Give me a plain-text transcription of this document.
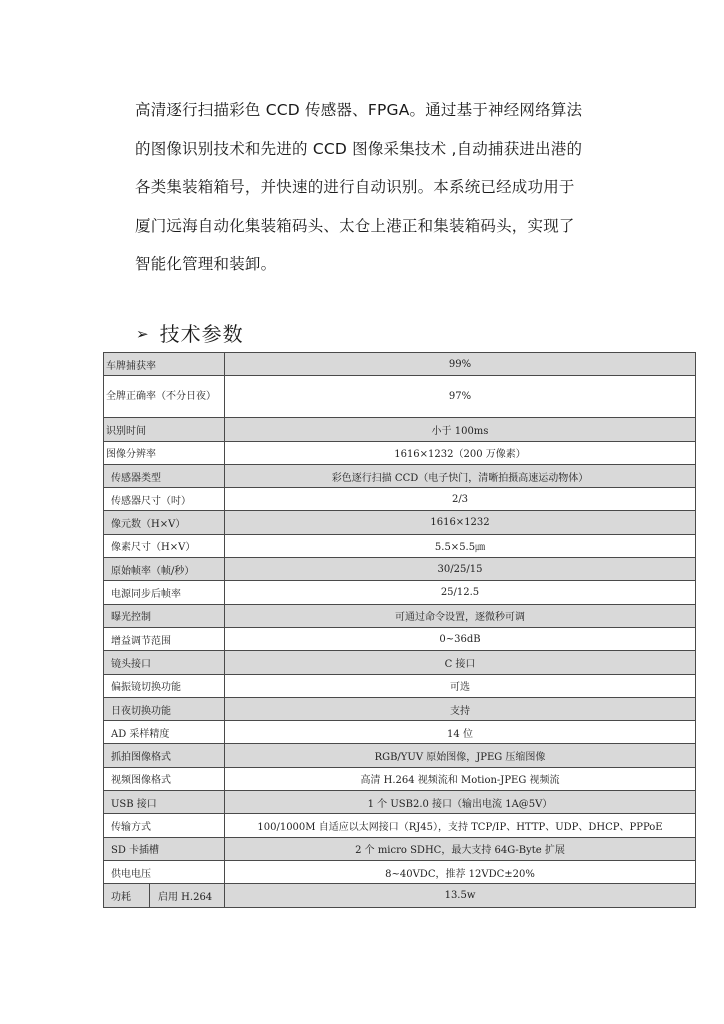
高清逐行扫描彩色 CCD 传感器、FPGA。通过基于神经网络算法
的图像识别技术和先进的 CCD 图像采集技术 ,自动捕获进出港的
各类集装箱箱号，并快速的进行自动识别。本系统已经成功用于
厦门远海自动化集装箱码头、太仓上港正和集装箱码头，实现了
智能化管理和装卸。
➢ 技术参数
车牌捕获率		99%
全牌正确率（不分日夜）		97%
识别时间		小于 100ms
图像分辨率		1616×1232（200 万像素）
传感器类型		彩色逐行扫描 CCD（电子快门，清晰拍摄高速运动物体）
传感器尺寸（吋）		2/3
像元数（H×V）		1616×1232
像素尺寸（H×V）		5.5×5.5㎛
原始帧率（帧/秒）		30/25/15
电源同步后帧率		25/12.5
曝光控制		可通过命令设置，逐微秒可调
增益调节范围		0~36dB
镜头接口		C 接口
偏振镜切换功能		可选
日夜切换功能		支持
AD 采样精度		14 位
抓拍图像格式		RGB/YUV 原始图像，JPEG 压缩图像
视频图像格式		高清 H.264 视频流和 Motion-JPEG 视频流
USB 接口		1 个 USB2.0 接口（输出电流 1A@5V）
传输方式		100/1000M 自适应以太网接口（RJ45），支持 TCP/IP、HTTP、UDP、DHCP、PPPoE
SD 卡插槽		2 个 micro SDHC，最大支持 64G-Byte 扩展
供电电压		8~40VDC，推荐 12VDC±20%
功耗	启用 H.264	13.5w
